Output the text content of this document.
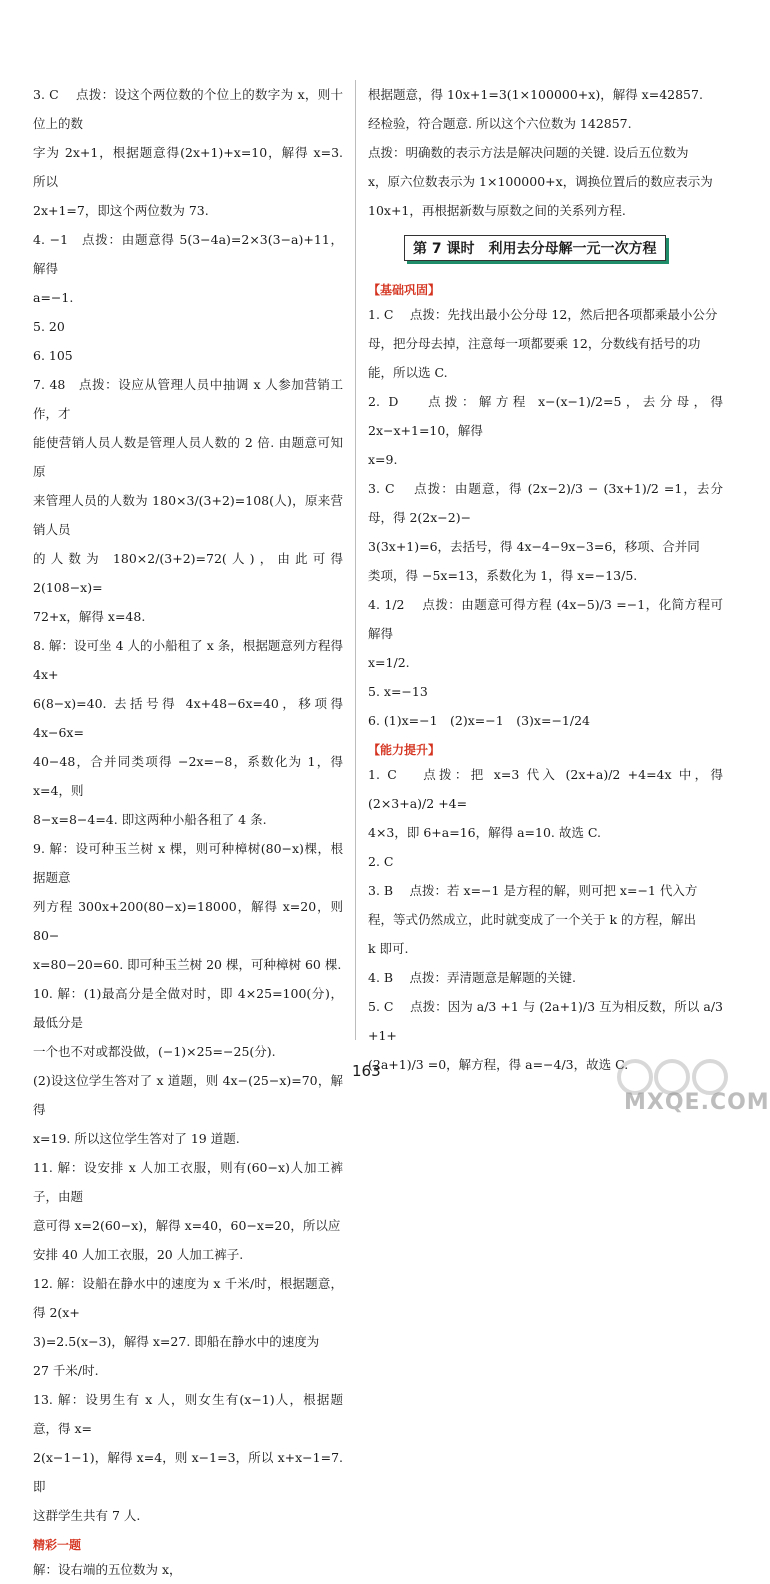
3. C　 点拨：设这个两位数的个位上的数字为 x，则十位上的数

字为 2x+1，根据题意得(2x+1)+x=10，解得 x=3. 所以

2x+1=7，即这个两位数为 73.

4. −1　点拨：由题意得 5(3−4a)=2×3(3−a)+11，解得

a=−1.

5. 20

6. 105

7. 48　点拨：设应从管理人员中抽调 x 人参加营销工作，才

能使营销人员人数是管理人员人数的 2 倍. 由题意可知原

来管理人员的人数为 180×3/(3+2)=108(人)，原来营销人员

的人数为 180×2/(3+2)=72(人)，由此可得 2(108−x)=

72+x，解得 x=48.

8. 解：设可坐 4 人的小船租了 x 条，根据题意列方程得 4x+

6(8−x)=40. 去括号得 4x+48−6x=40，移项得 4x−6x=

40−48，合并同类项得 −2x=−8，系数化为 1，得 x=4，则

8−x=8−4=4. 即这两种小船各租了 4 条.

9. 解：设可种玉兰树 x 棵，则可种樟树(80−x)棵，根据题意

列方程 300x+200(80−x)=18000，解得 x=20，则 80−

x=80−20=60. 即可种玉兰树 20 棵，可种樟树 60 棵.

10. 解：(1)最高分是全做对时，即 4×25=100(分)，最低分是

一个也不对或都没做，(−1)×25=−25(分).

(2)设这位学生答对了 x 道题，则 4x−(25−x)=70，解得

x=19. 所以这位学生答对了 19 道题.

11. 解：设安排 x 人加工衣服，则有(60−x)人加工裤子，由题

意可得 x=2(60−x)，解得 x=40，60−x=20，所以应

安排 40 人加工衣服，20 人加工裤子.

12. 解：设船在静水中的速度为 x 千米/时，根据题意，得 2(x+

3)=2.5(x−3)，解得 x=27. 即船在静水中的速度为

27 千米/时.

13. 解：设男生有 x 人，则女生有(x−1)人，根据题意，得 x=

2(x−1−1)，解得 x=4，则 x−1=3，所以 x+x−1=7. 即

这群学生共有 7 人.

精彩一题

解：设右端的五位数为 x，

根据题意，得 10x+1=3(1×100000+x)，解得 x=42857.

经检验，符合题意. 所以这个六位数为 142857.

点拨：明确数的表示方法是解决问题的关键. 设后五位数为

x，原六位数表示为 1×100000+x，调换位置后的数应表示为

10x+1，再根据新数与原数之间的关系列方程.

第 7 课时　利用去分母解一元一次方程
【基础巩固】

1. C　 点拨：先找出最小公分母 12，然后把各项都乘最小公分

母，把分母去掉，注意每一项都要乘 12，分数线有括号的功

能，所以选 C.

2. D　 点拨：解方程 x−(x−1)/2=5，去分母，得 2x−x+1=10，解得

x=9.

3. C　 点拨：由题意，得 (2x−2)/3 − (3x+1)/2 =1，去分母，得 2(2x−2)−

3(3x+1)=6，去括号，得 4x−4−9x−3=6，移项、合并同

类项，得 −5x=13，系数化为 1，得 x=−13/5.

4. 1/2　 点拨：由题意可得方程 (4x−5)/3 =−1，化简方程可解得

x=1/2.

5. x=−13

6. (1)x=−1　(2)x=−1　(3)x=−1/24

【能力提升】

1. C　 点拨：把 x=3 代入 (2x+a)/2 +4=4x 中，得 (2×3+a)/2 +4=

4×3，即 6+a=16，解得 a=10. 故选 C.

2. C

3. B　 点拨：若 x=−1 是方程的解，则可把 x=−1 代入方

程，等式仍然成立，此时就变成了一个关于 k 的方程，解出

k 即可.

4. B　 点拨：弄清题意是解题的关键.

5. C　 点拨：因为 a/3 +1 与 (2a+1)/3 互为相反数，所以 a/3 +1+

(2a+1)/3 =0，解方程，得 a=−4/3，故选 C.

163
MXQE.COM
